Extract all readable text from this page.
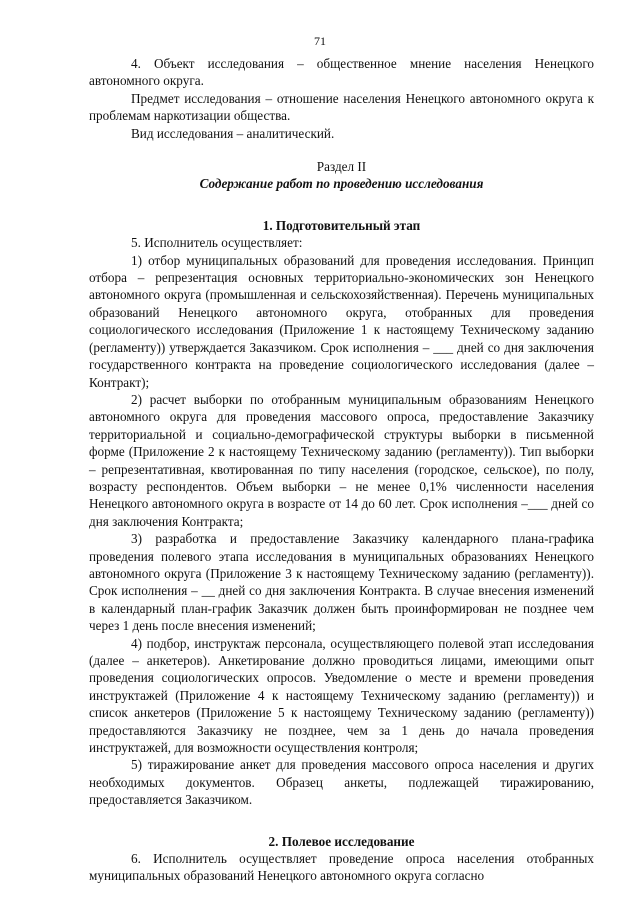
71

4. Объект исследования – общественное мнение населения Ненецкого автономного округа.

Предмет исследования – отношение населения Ненецкого автономного округа к проблемам наркотизации общества.

Вид исследования – аналитический.

Раздел II

Содержание работ по проведению исследования

1. Подготовительный этап

5. Исполнитель осуществляет:

1) отбор муниципальных образований для проведения исследования. Принцип отбора – репрезентация основных территориально-экономических зон Ненецкого автономного округа (промышленная и сельскохозяйственная). Перечень муниципальных образований Ненецкого автономного округа, отобранных для проведения социологического исследования (Приложение 1 к настоящему Техническому заданию (регламенту)) утверждается Заказчиком. Срок исполнения – ___ дней со дня заключения государственного контракта на проведение социологического исследования (далее – Контракт);

2) расчет выборки по отобранным муниципальным образованиям Ненецкого автономного округа для проведения массового опроса, предоставление Заказчику территориальной и социально-демографической структуры выборки в письменной форме (Приложение 2 к настоящему Техническому заданию (регламенту)). Тип выборки – репрезентативная, квотированная по типу населения (городское, сельское), по полу, возрасту респондентов. Объем выборки – не менее 0,1% численности населения Ненецкого автономного округа в возрасте от 14 до 60 лет. Срок исполнения –___ дней со дня заключения Контракта;

3) разработка и предоставление Заказчику календарного плана-графика проведения полевого этапа исследования в муниципальных образованиях Ненецкого автономного округа (Приложение 3 к настоящему Техническому заданию (регламенту)). Срок исполнения – __ дней со дня заключения Контракта. В случае внесения изменений в календарный план-график Заказчик должен быть проинформирован не позднее чем через 1 день после внесения изменений;

4) подбор, инструктаж персонала, осуществляющего полевой этап исследования (далее – анкетеров). Анкетирование должно проводиться лицами, имеющими опыт проведения социологических опросов. Уведомление о месте и времени проведения инструктажей (Приложение 4 к настоящему Техническому заданию (регламенту)) и список анкетеров (Приложение 5 к настоящему Техническому заданию (регламенту)) предоставляются Заказчику не позднее, чем за 1 день до начала проведения инструктажей, для возможности осуществления контроля;

5) тиражирование анкет для проведения массового опроса населения и других необходимых документов. Образец анкеты, подлежащей тиражированию, предоставляется Заказчиком.

2. Полевое исследование

6. Исполнитель осуществляет проведение опроса населения отобранных муниципальных образований Ненецкого автономного округа согласно
